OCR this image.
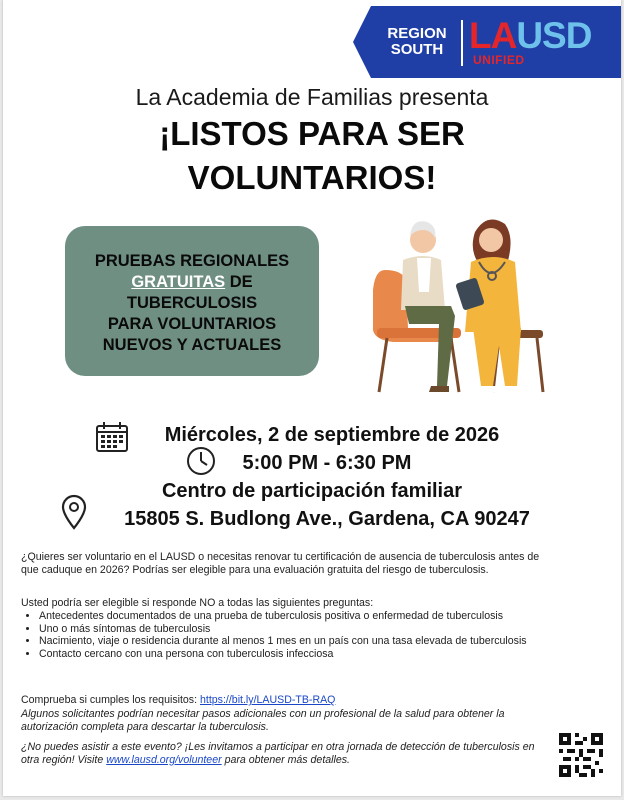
REGION
SOUTH LAUSD
UNIFIED
La Academia de Familias presenta
¡LISTOS PARA SER
VOLUNTARIOS!
PRUEBAS REGIONALES
GRATUITAS DE
TUBERCULOSIS
PARA VOLUNTARIOS
NUEVOS Y ACTUALES
Miércoles, 2 de septiembre de 2026
5:00 PM - 6:30 PM
Centro de participación familiar
15805 S. Budlong Ave., Gardena, CA 90247
¿Quieres ser voluntario en el LAUSD o necesitas renovar tu certificación de ausencia de tuberculosis antes de que caduque en 2026? Podrías ser elegible para una evaluación gratuita del riesgo de tuberculosis.
Usted podría ser elegible si responde NO a todas las siguientes preguntas:
• Antecedentes documentados de una prueba de tuberculosis positiva o enfermedad de tuberculosis
• Uno o más síntomas de tuberculosis
• Nacimiento, viaje o residencia durante al menos 1 mes en un país con una tasa elevada de tuberculosis
• Contacto cercano con una persona con tuberculosis infecciosa
Comprueba si cumples los requisitos: https://bit.ly/LAUSD-TB-RAQ
Algunos solicitantes podrían necesitar pasos adicionales con un profesional de la salud para obtener la autorización completa para descartar la tuberculosis.
¿No puedes asistir a este evento? ¡Les invitamos a participar en otra jornada de detección de tuberculosis en otra región! Visite www.lausd.org/volunteer para obtener más detalles.
